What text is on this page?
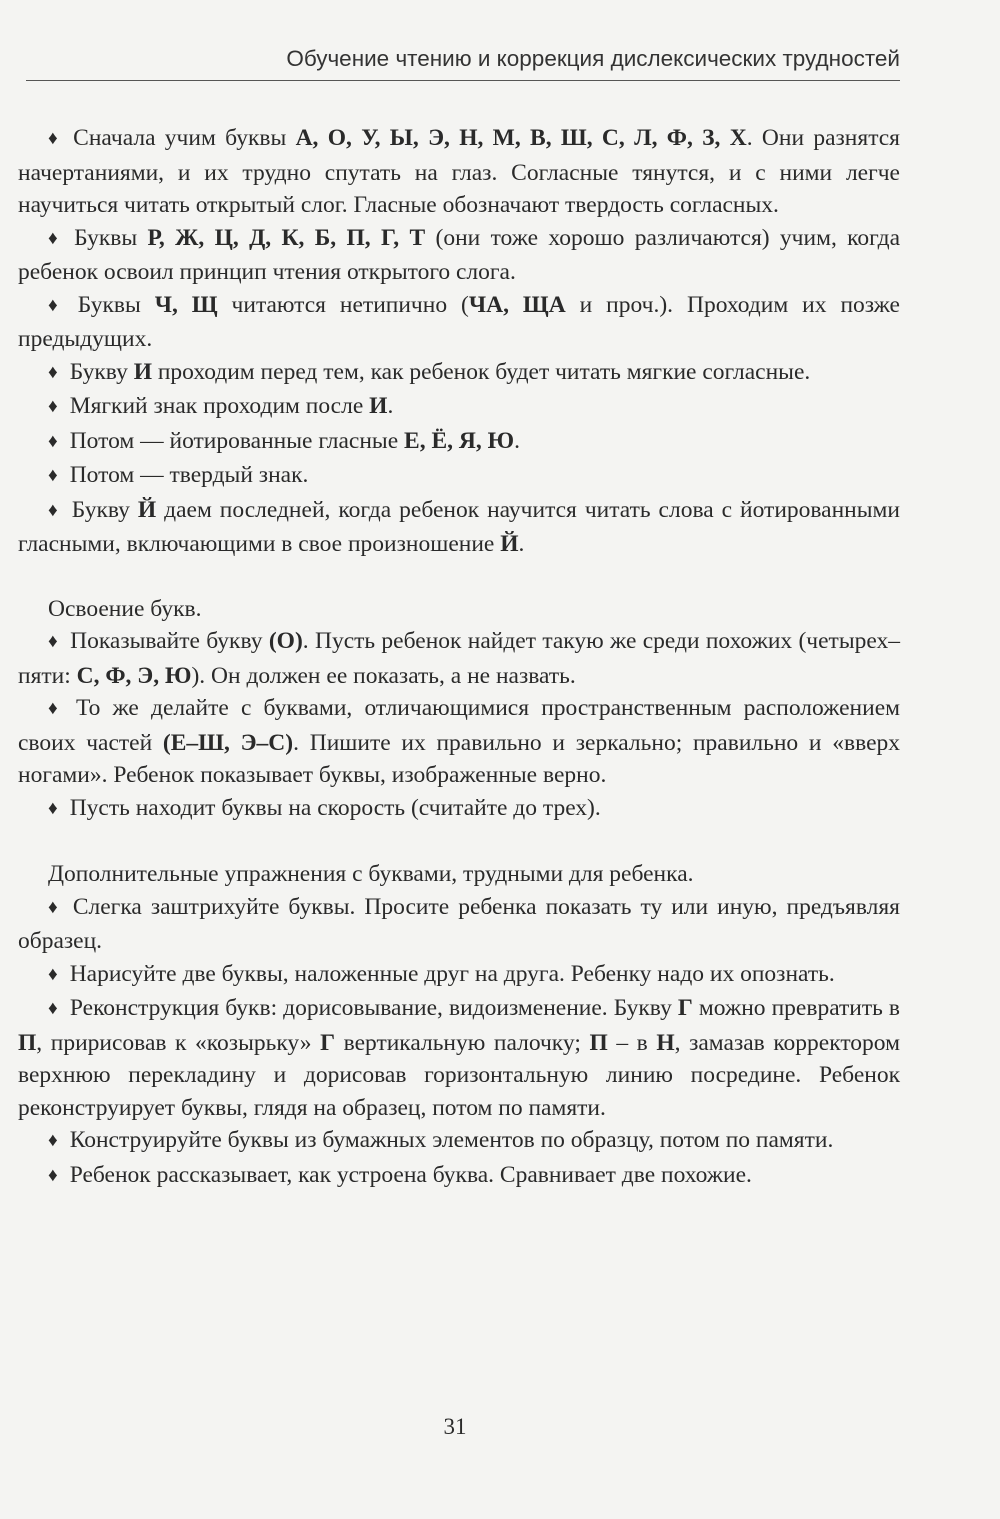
Обучение чтению и коррекция дислексических трудностей

♦ Сначала учим буквы А, О, У, Ы, Э, Н, М, В, Ш, С, Л, Ф, З, Х. Они разнятся начертаниями, и их трудно спутать на глаз. Согласные тянутся, и с ними легче научиться читать открытый слог. Гласные обозначают твердость согласных.

♦ Буквы Р, Ж, Ц, Д, К, Б, П, Г, Т (они тоже хорошо различаются) учим, когда ребенок освоил принцип чтения открытого слога.

♦ Буквы Ч, Щ читаются нетипично (ЧА, ЩА и проч.). Проходим их позже предыдущих.

♦ Букву И проходим перед тем, как ребенок будет читать мягкие согласные.

♦ Мягкий знак проходим после И.

♦ Потом — йотированные гласные Е, Ё, Я, Ю.

♦ Потом — твердый знак.

♦ Букву Й даем последней, когда ребенок научится читать слова с йотированными гласными, включающими в свое произношение Й.

Освоение букв.

♦ Показывайте букву (О). Пусть ребенок найдет такую же среди похожих (четырех–пяти: С, Ф, Э, Ю). Он должен ее показать, а не назвать.

♦ То же делайте с буквами, отличающимися пространственным расположением своих частей (Е–Ш, Э–С). Пишите их правильно и зеркально; правильно и «вверх ногами». Ребенок показывает буквы, изображенные верно.

♦ Пусть находит буквы на скорость (считайте до трех).

Дополнительные упражнения с буквами, трудными для ребенка.

♦ Слегка заштрихуйте буквы. Просите ребенка показать ту или иную, предъявляя образец.

♦ Нарисуйте две буквы, наложенные друг на друга. Ребенку надо их опознать.

♦ Реконструкция букв: дорисовывание, видоизменение. Букву Г можно превратить в П, пририсовав к «козырьку» Г вертикальную палочку; П – в Н, замазав корректором верхнюю перекладину и дорисовав горизонтальную линию посредине. Ребенок реконструирует буквы, глядя на образец, потом по памяти.

♦ Конструируйте буквы из бумажных элементов по образцу, потом по памяти.

♦ Ребенок рассказывает, как устроена буква. Сравнивает две похожие.

31
